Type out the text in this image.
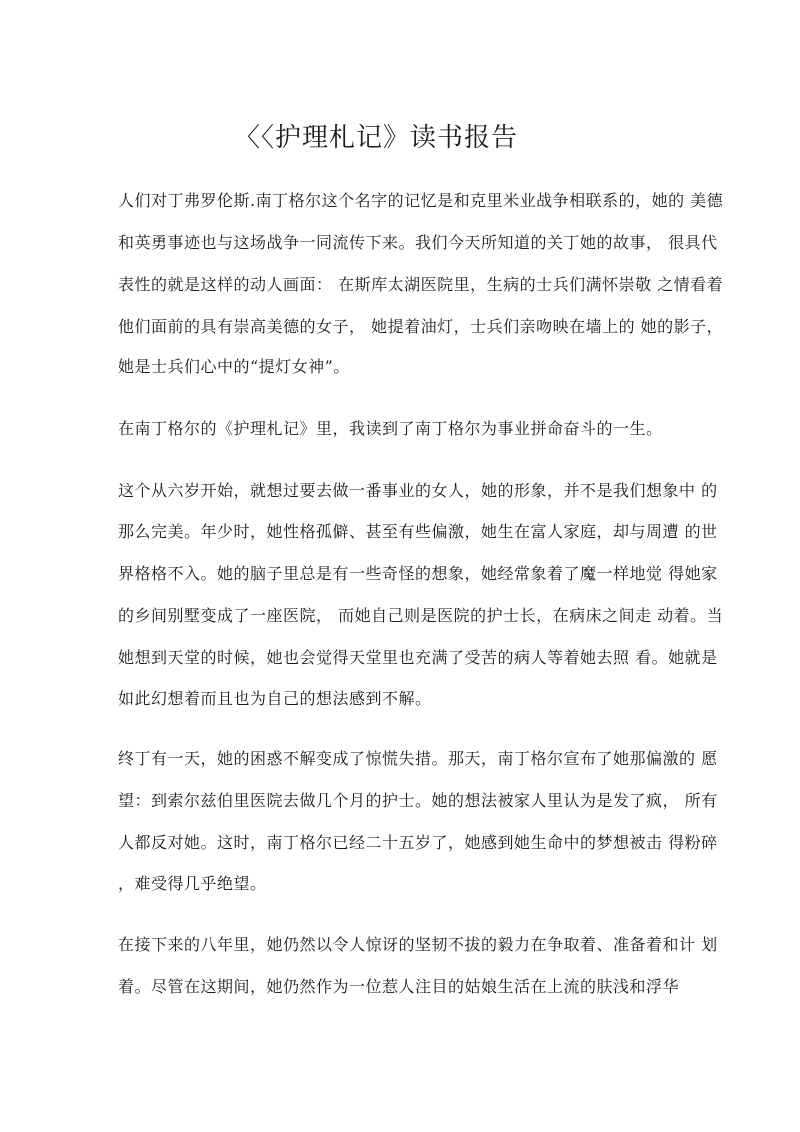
〈〈护理札记》读书报告
人们对丁弗罗伦斯.南丁格尔这个名字的记忆是和克里米业战争相联系的，她的 美德
和英勇事迹也与这场战争一同流传下来。我们今天所知道的关丁她的故事， 很具代
表性的就是这样的动人画面： 在斯库太湖医院里，生病的士兵们满怀崇敬 之情看着
他们面前的具有崇高美德的女子， 她提着油灯，士兵们亲吻映在墙上的 她的影子，
她是士兵们心中的“提灯女神”。
在南丁格尔的《护理札记》里，我读到了南丁格尔为事业拼命奋斗的一生。
这个从六岁开始，就想过要去做一番事业的女人，她的形象，并不是我们想象中 的
那么完美。年少时，她性格孤僻、甚至有些偏激，她生在富人家庭，却与周遭 的世
界格格不入。她的脑子里总是有一些奇怪的想象，她经常象着了魔一样地觉 得她家
的乡间别墅变成了一座医院， 而她自己则是医院的护士长，在病床之间走 动着。当
她想到天堂的时候，她也会觉得天堂里也充满了受苦的病人等着她去照 看。她就是
如此幻想着而且也为自己的想法感到不解。
终丁有一天，她的困惑不解变成了惊慌失措。那天，南丁格尔宣布了她那偏激的 愿
望：到索尔兹伯里医院去做几个月的护士。她的想法被家人里认为是发了疯， 所有
人都反对她。这时，南丁格尔已经二十五岁了，她感到她生命中的梦想被击 得粉碎
，难受得几乎绝望。
在接下来的八年里，她仍然以令人惊讶的坚韧不拔的毅力在争取着、准备着和计 划
着。尽管在这期间，她仍然作为一位惹人注目的姑娘生活在上流的肤浅和浮华
